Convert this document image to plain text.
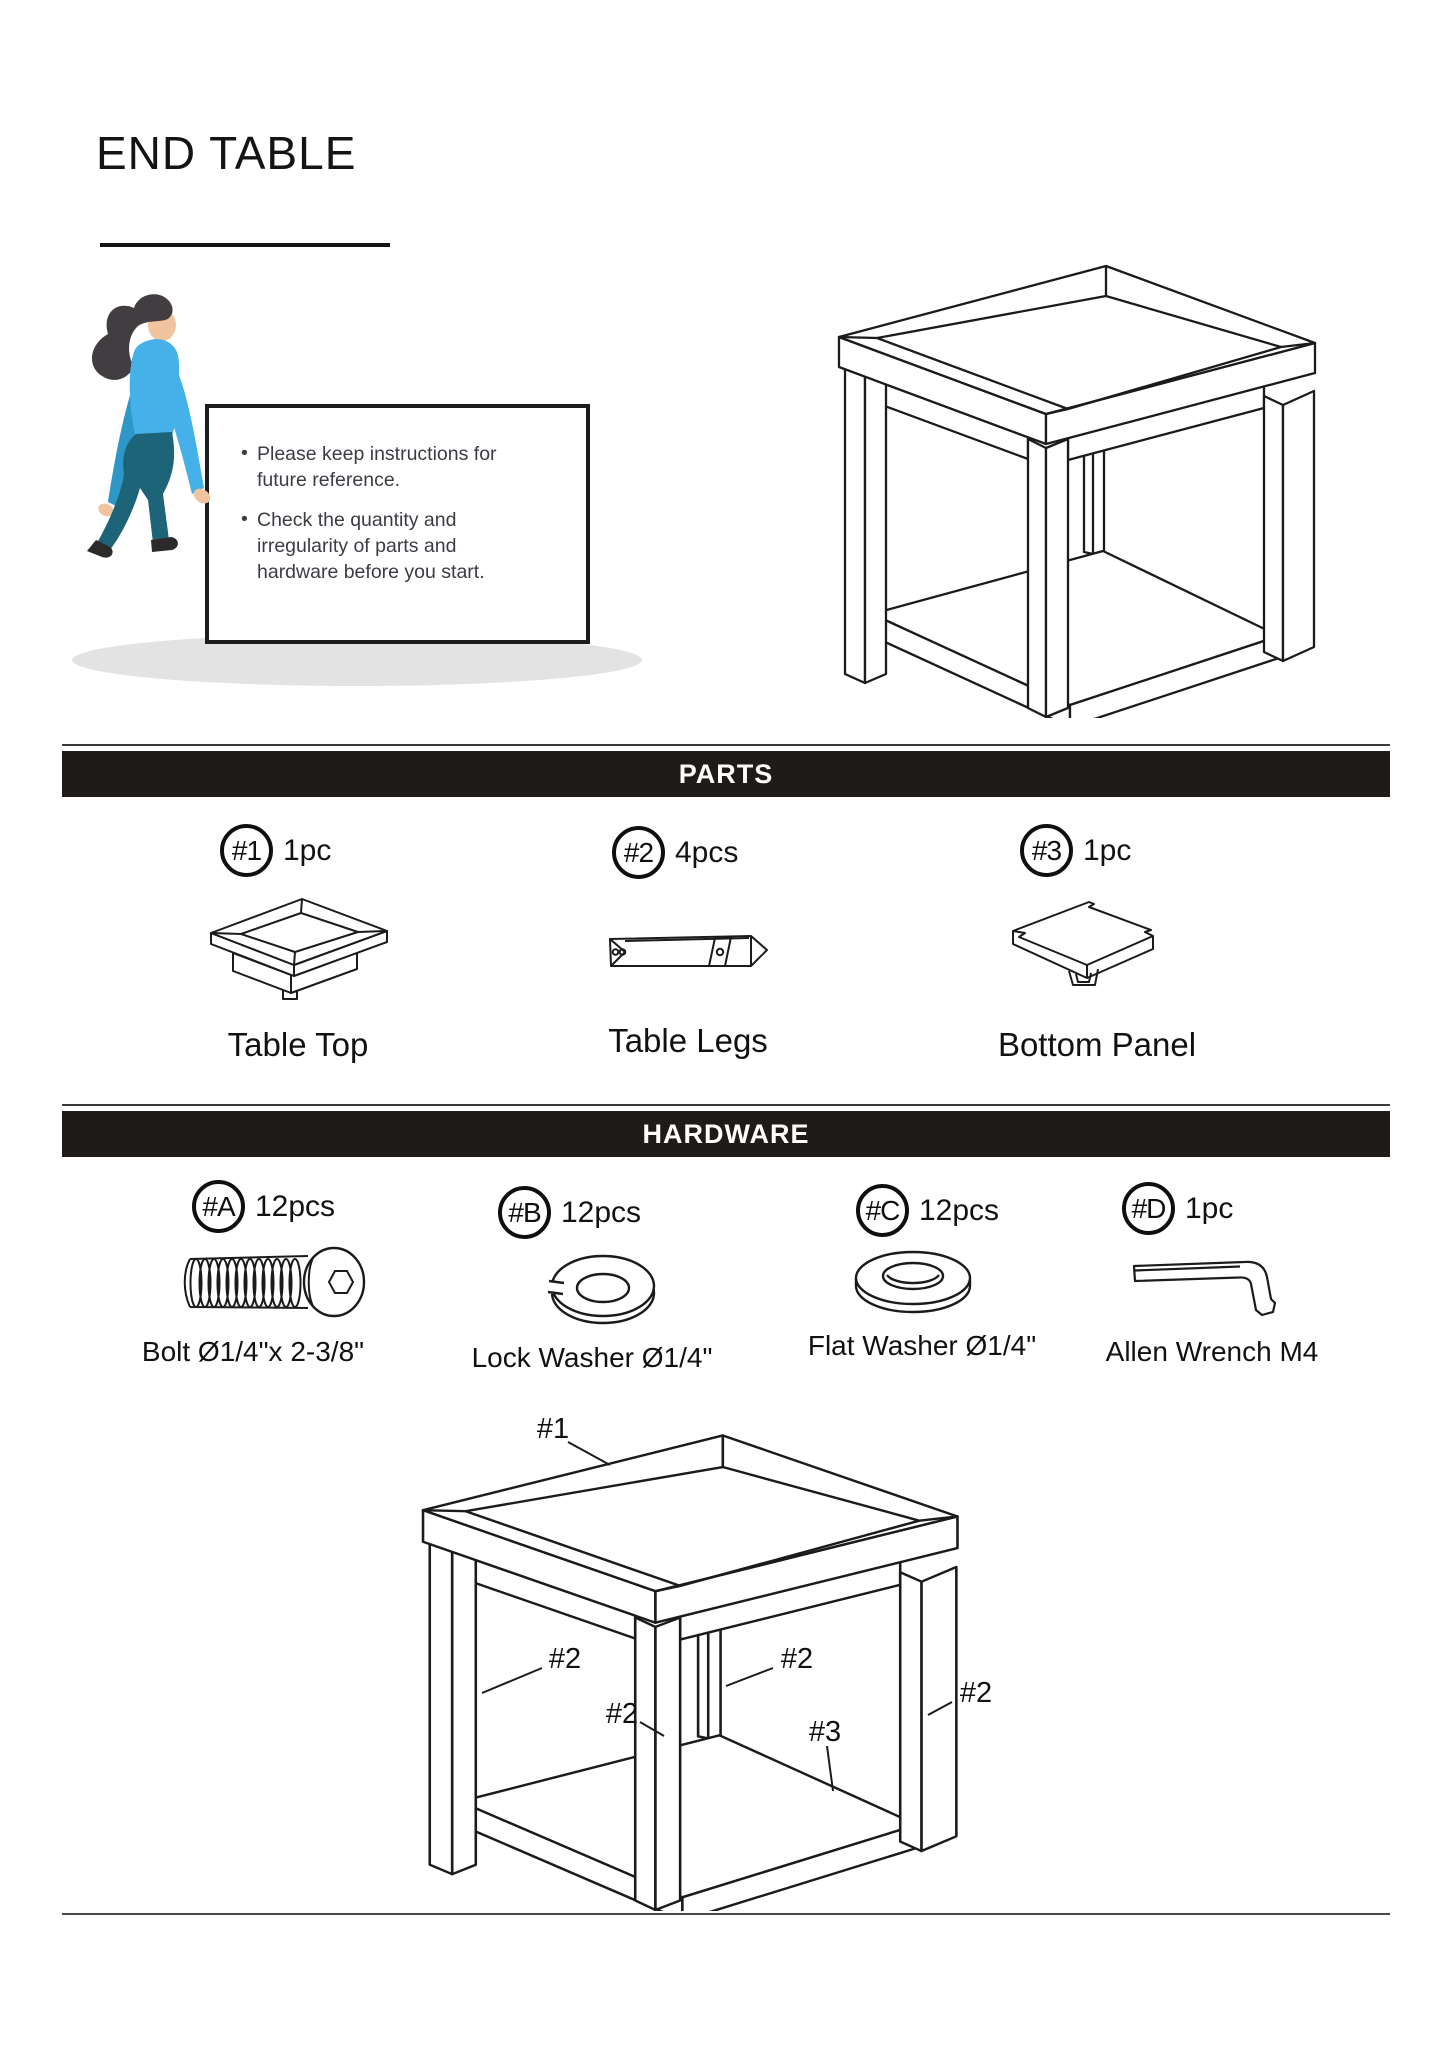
END TABLE
• Please keep instructions for future reference.
• Check the quantity and irregularity of parts and hardware before you start.
PARTS
#1 1pc
Table Top
#2 4pcs
Table Legs
#3 1pc
Bottom Panel
HARDWARE
#A 12pcs
Bolt Ø1/4"x 2-3/8"
#B 12pcs
Lock Washer Ø1/4"
#C 12pcs
Flat Washer Ø1/4"
#D 1pc
Allen Wrench M4
#1
#2	#2
#2
#2
#3
